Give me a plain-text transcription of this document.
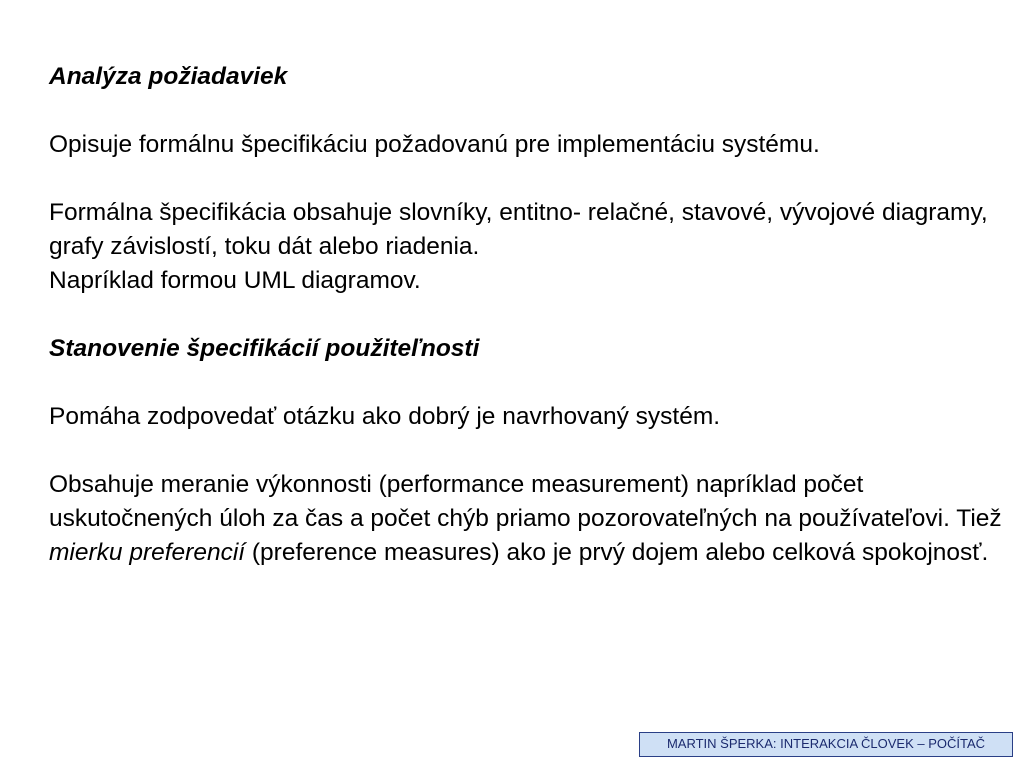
Analýza požiadaviek

Opisuje formálnu špecifikáciu požadovanú pre implementáciu systému.

Formálna špecifikácia obsahuje slovníky, entitno- relačné, stavové, vývojové diagramy, grafy závislostí, toku dát alebo riadenia.
Napríklad formou UML diagramov.

Stanovenie špecifikácií použiteľnosti

Pomáha zodpovedať otázku ako dobrý je navrhovaný systém.

Obsahuje meranie výkonnosti (performance measurement) napríklad počet uskutočnených úloh za čas a počet chýb priamo pozorovateľných na používateľovi. Tiež mierku preferencií (preference measures) ako je prvý dojem alebo celková spokojnosť.

MARTIN ŠPERKA: INTERAKCIA ČLOVEK – POČÍTAČ
